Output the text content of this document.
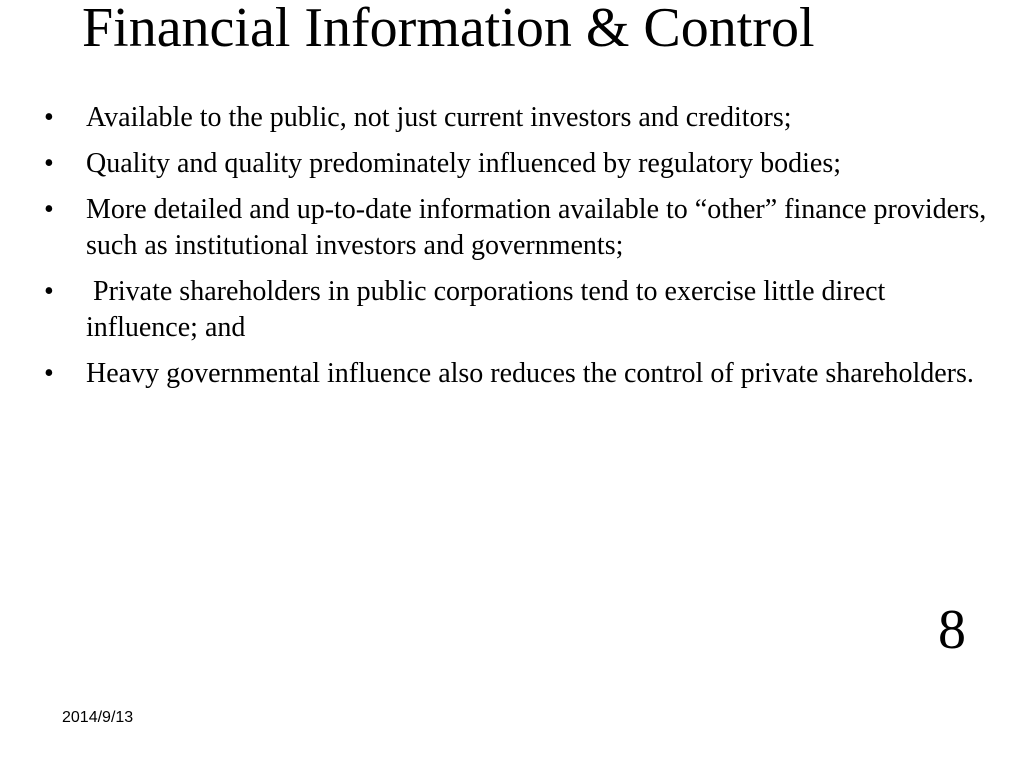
Financial Information & Control
•	Available to the public, not just current investors and creditors;
•	Quality and quality predominately influenced by regulatory bodies;
•	More detailed and up-to-date information available to “other” finance providers, such as institutional investors and governments;
•	Private shareholders in public corporations tend to exercise little direct influence; and
•	Heavy governmental influence also reduces the control of private shareholders.
8
2014/9/13
